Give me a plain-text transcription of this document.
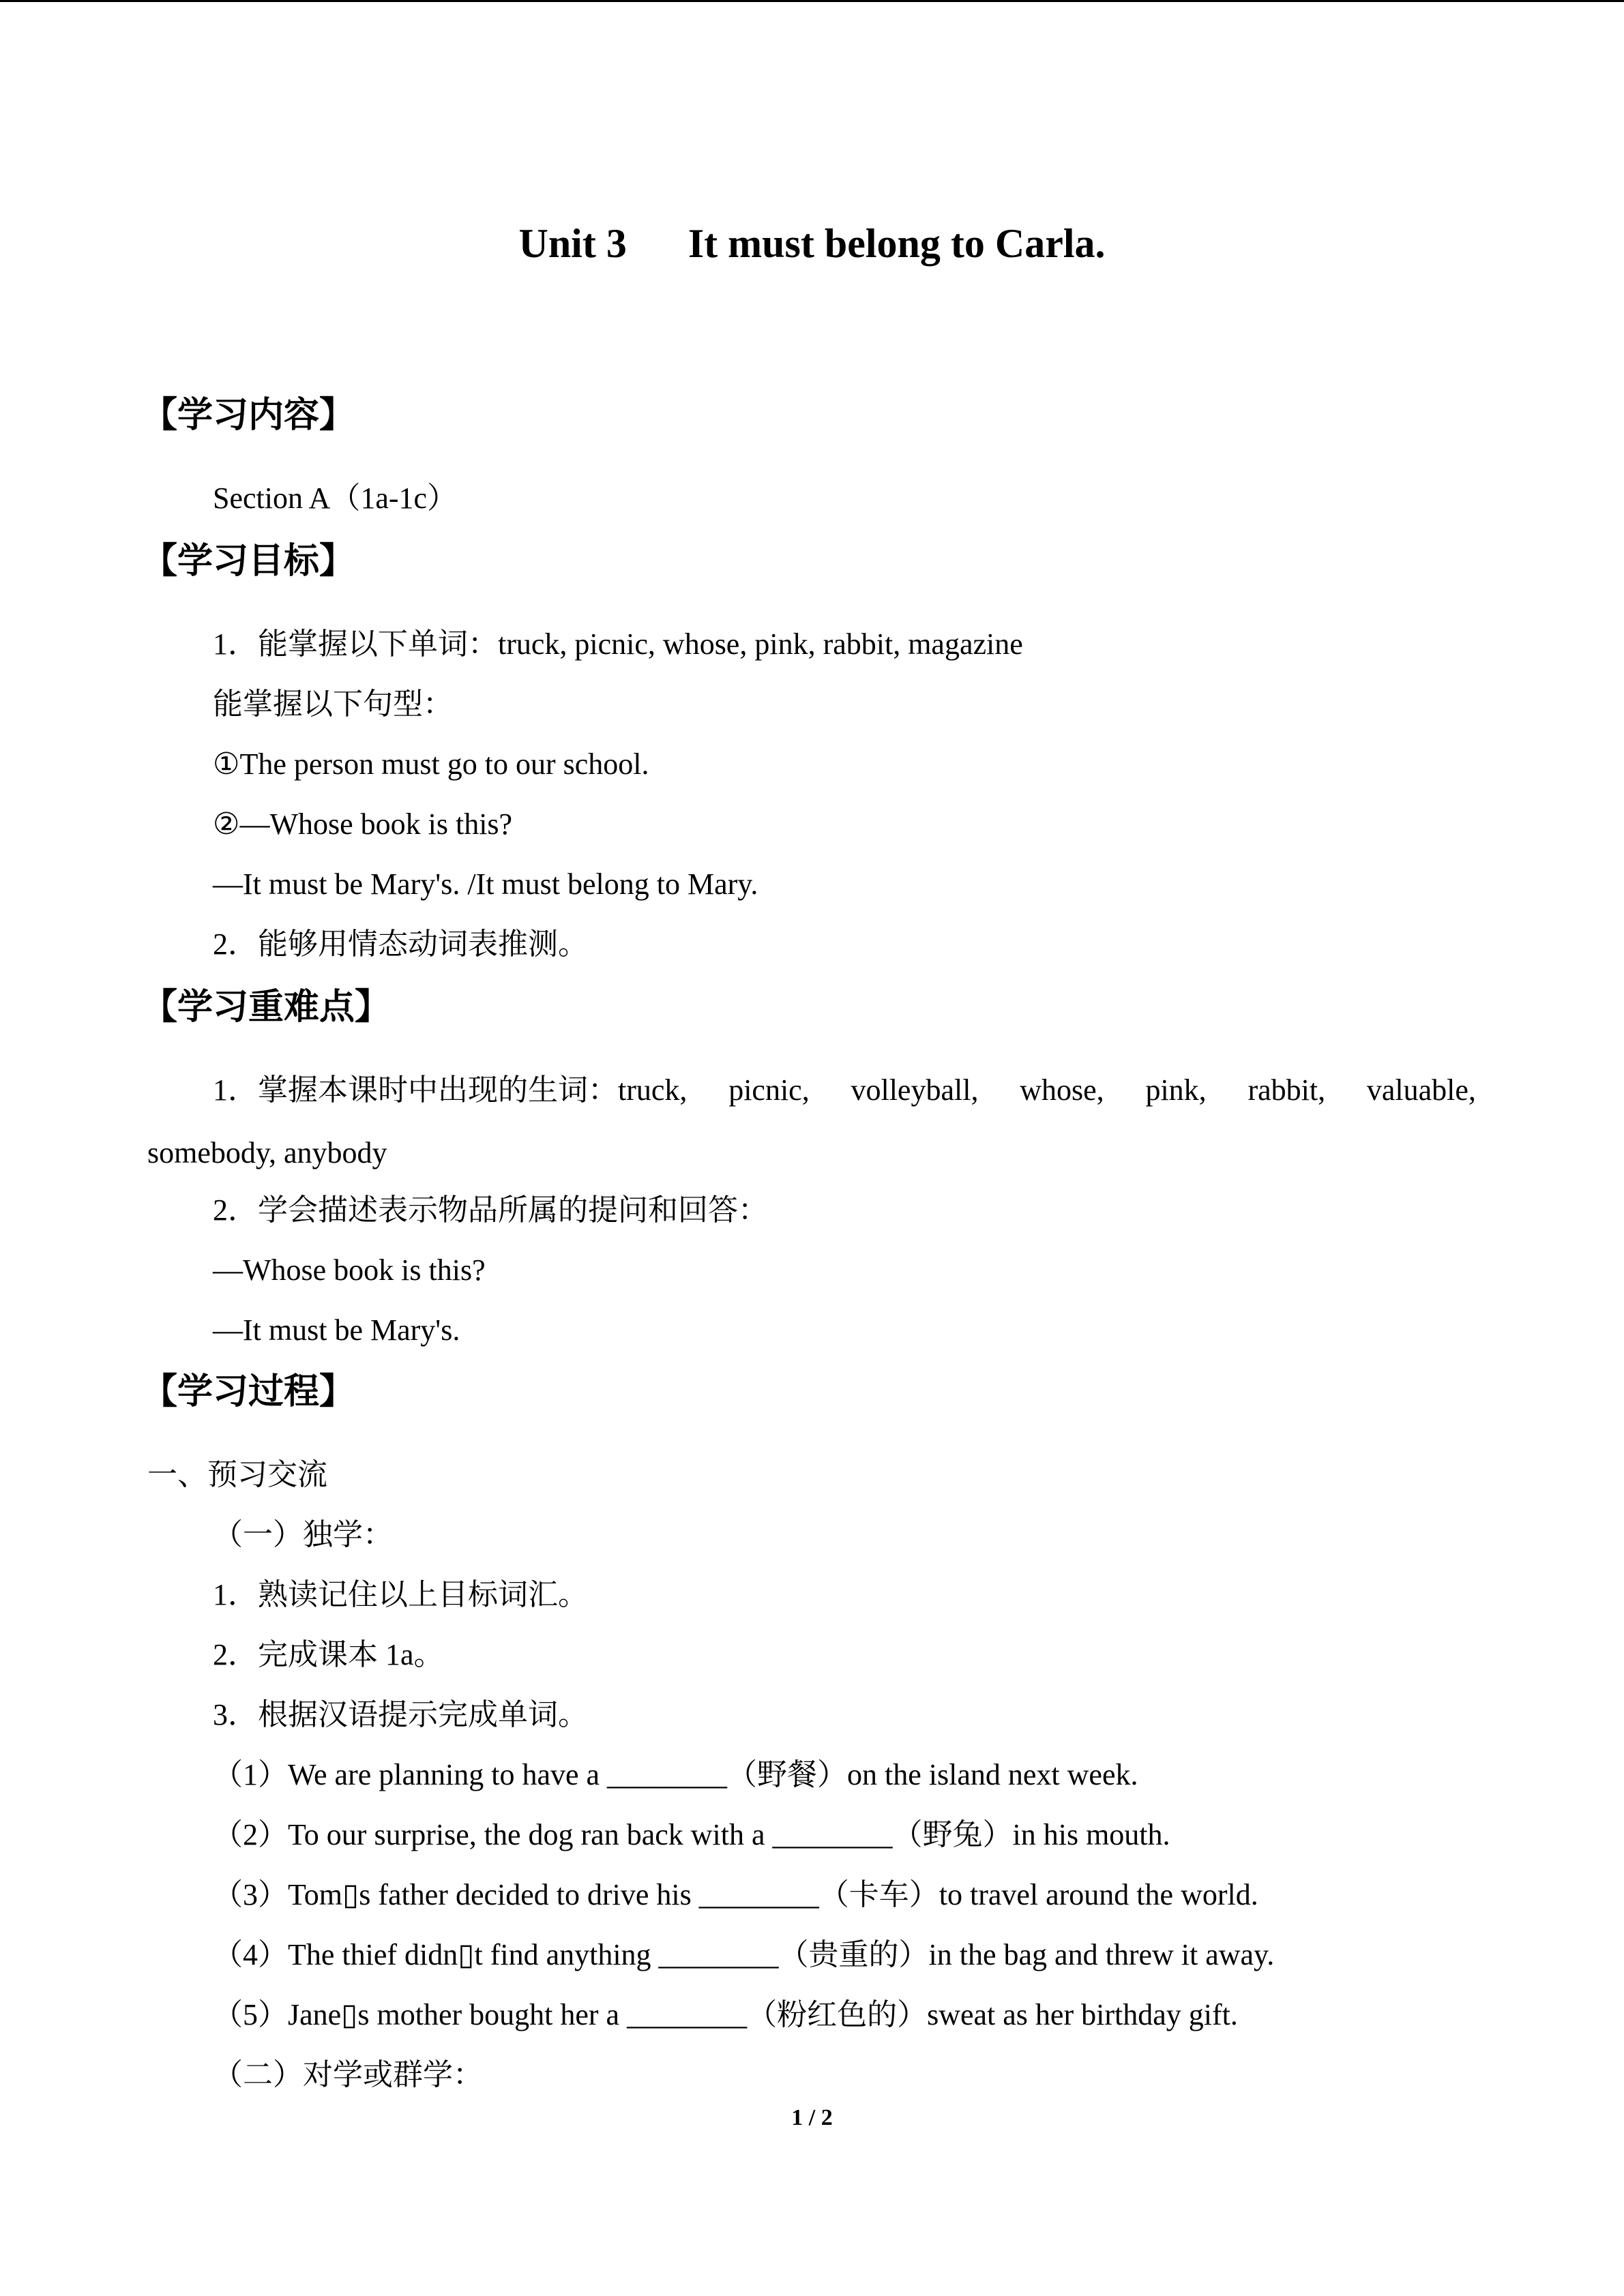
Unit 3      It must belong to Carla.
【学习内容】
Section A（1a-1c）
【学习目标】
1．能掌握以下单词：truck, picnic, whose, pink, rabbit, magazine
能掌握以下句型：
①The person must go to our school.
②—Whose book is this?
—It must be Mary's. /It must belong to Mary.
2．能够用情态动词表推测。
【学习重难点】
1．掌握本课时中出现的生词：truck, picnic, volleyball, whose, pink, rabbit, valuable,
somebody, anybody
2．学会描述表示物品所属的提问和回答：
—Whose book is this?
—It must be Mary's.
【学习过程】
一、预习交流
（一）独学：
1．熟读记住以上目标词汇。
2．完成课本 1a。
3．根据汉语提示完成单词。
（1）We are planning to have a ________（野餐）on the island next week.
（2）To our surprise, the dog ran back with a ________（野兔）in his mouth.
（3）Tom▯s father decided to drive his ________（卡车）to travel around the world.
（4）The thief didn▯t find anything ________（贵重的）in the bag and threw it away.
（5）Jane▯s mother bought her a ________（粉红色的）sweat as her birthday gift.
（二）对学或群学：
1 / 2
